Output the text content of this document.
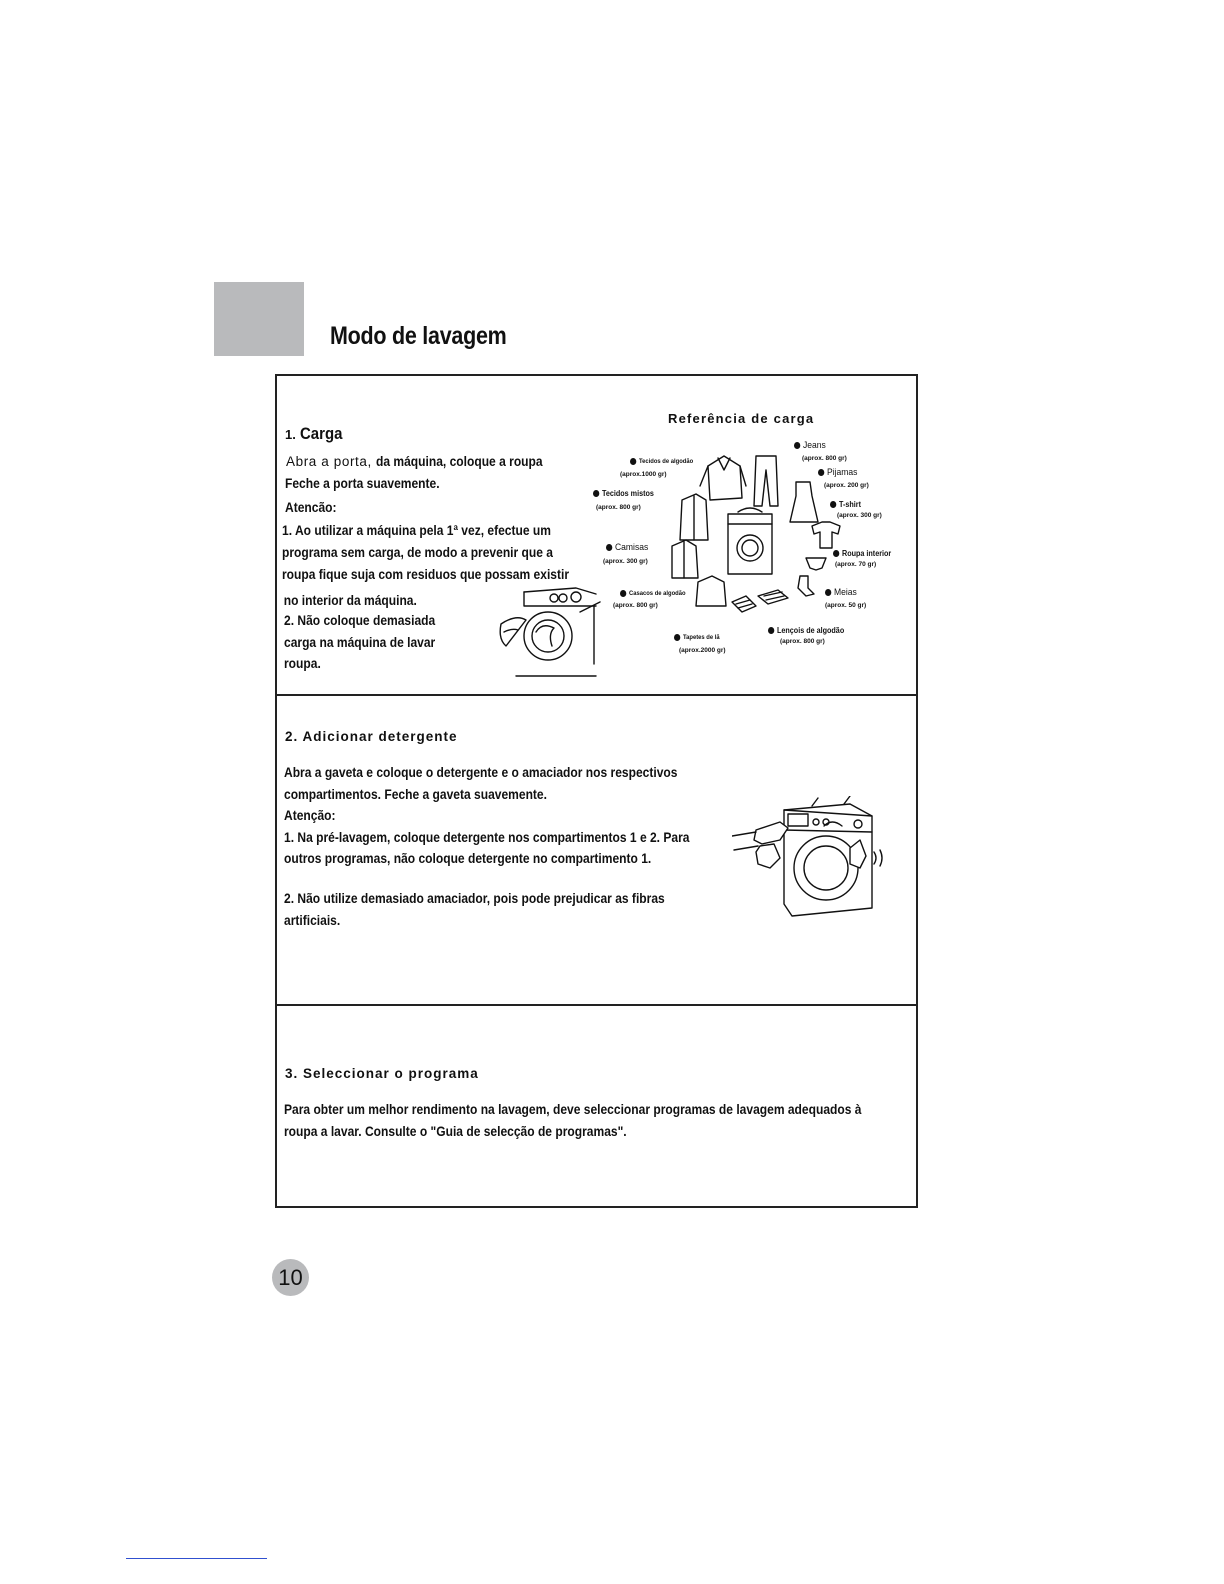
Modo de lavagem
1. Carga
Abra a porta, da máquina, coloque a roupa
Feche a porta suavemente.
Atencão:
1. Ao utilizar a máquina pela 1ª vez, efectue um
programa sem carga, de modo a prevenir que a
roupa fique suja com residuos que possam existir
no interior da máquina.
2. Não coloque demasiada
carga na máquina de lavar
roupa.
Referência de carga
Jeans
(aprox. 800 gr)
Pijamas
(aprox. 200 gr)
T-shirt
(aprox. 300 gr)
Roupa interior
(aprox. 70 gr)
Meias
(aprox. 50 gr)
Lençois de algodão
(aprox. 800 gr)
Tapetes de lã
(aprox.2000 gr)
Casacos de algodão
(aprox. 800 gr)
Camisas
(aprox. 300 gr)
Tecidos mistos
(aprox. 800 gr)
Tecidos de algodão
(aprox.1000 gr)
2. Adicionar detergente
Abra a gaveta e coloque o detergente e o amaciador nos respectivos
compartimentos. Feche a gaveta suavemente.
Atenção:
1. Na pré-lavagem, coloque detergente nos compartimentos 1 e 2. Para
outros programas, não coloque detergente no compartimento 1.
2. Não utilize demasiado amaciador, pois pode prejudicar as fibras
artificiais.
3. Seleccionar o programa
Para obter um melhor rendimento na lavagem, deve seleccionar programas de lavagem adequados à
roupa a lavar. Consulte o "Guia de selecção de programas".
10
